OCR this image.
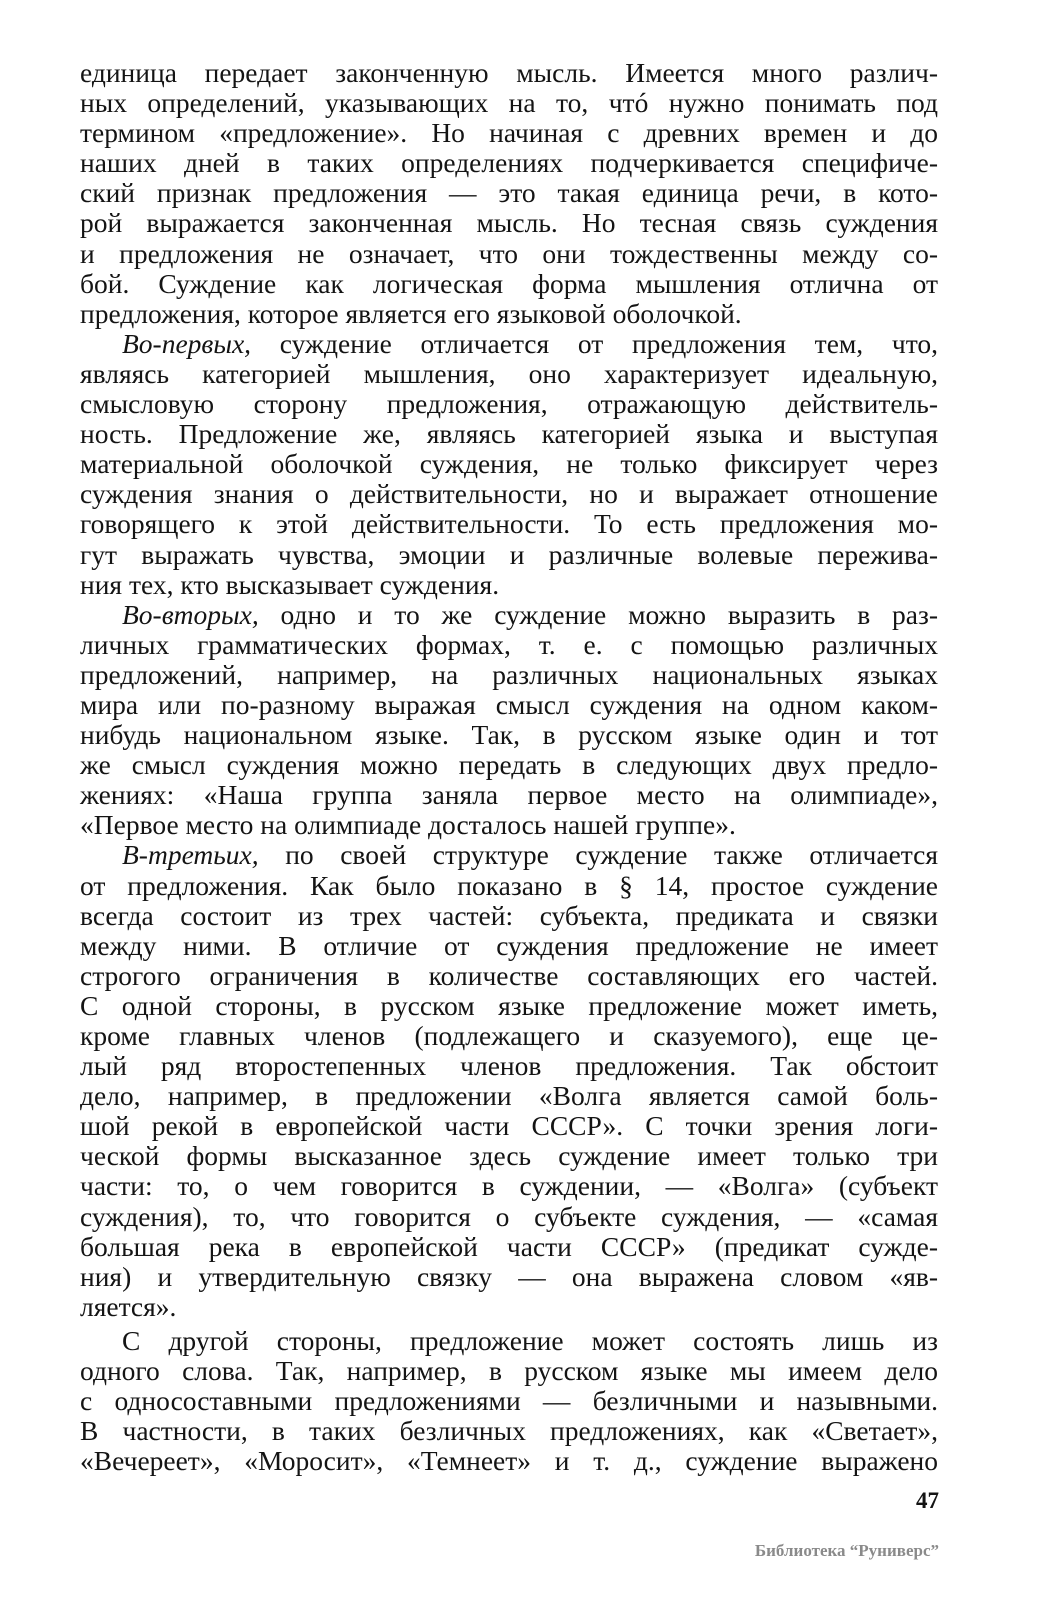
единица передает законченную мысль. Имеется много различ-
ных определений, указывающих на то, чтó нужно понимать под
термином «предложение». Но начиная с древних времен и до
наших дней в таких определениях подчеркивается специфиче-
ский признак предложения — это такая единица речи, в кото-
рой выражается законченная мысль. Но тесная связь суждения
и предложения не означает, что они тождественны между со-
бой. Суждение как логическая форма мышления отлична от
предложения, которое является его языковой оболочкой.
Во-первых, суждение отличается от предложения тем, что,
являясь категорией мышления, оно характеризует идеальную,
смысловую сторону предложения, отражающую действитель-
ность. Предложение же, являясь категорией языка и выступая
материальной оболочкой суждения, не только фиксирует через
суждения знания о действительности, но и выражает отношение
говорящего к этой действительности. То есть предложения мо-
гут выражать чувства, эмоции и различные волевые пережива-
ния тех, кто высказывает суждения.
Во-вторых, одно и то же суждение можно выразить в раз-
личных грамматических формах, т. е. с помощью различных
предложений, например, на различных национальных языках
мира или по-разному выражая смысл суждения на одном каком-
нибудь национальном языке. Так, в русском языке один и тот
же смысл суждения можно передать в следующих двух предло-
жениях: «Наша группа заняла первое место на олимпиаде»,
«Первое место на олимпиаде досталось нашей группе».
В-третьих, по своей структуре суждение также отличается
от предложения. Как было показано в § 14, простое суждение
всегда состоит из трех частей: субъекта, предиката и связки
между ними. В отличие от суждения предложение не имеет
строгого ограничения в количестве составляющих его частей.
С одной стороны, в русском языке предложение может иметь,
кроме главных членов (подлежащего и сказуемого), еще це-
лый ряд второстепенных членов предложения. Так обстоит
дело, например, в предложении «Волга является самой боль-
шой рекой в европейской части СССР». С точки зрения логи-
ческой формы высказанное здесь суждение имеет только три
части: то, о чем говорится в суждении, — «Волга» (субъект
суждения), то, что говорится о субъекте суждения, — «самая
большая река в европейской части СССР» (предикат сужде-
ния) и утвердительную связку — она выражена словом «яв-
ляется».
С другой стороны, предложение может состоять лишь из
одного слова. Так, например, в русском языке мы имеем дело
с односоставными предложениями — безличными и назывными.
В частности, в таких безличных предложениях, как «Светает»,
«Вечереет», «Моросит», «Темнеет» и т. д., суждение выражено
47
Библиотека “Руниверс”
